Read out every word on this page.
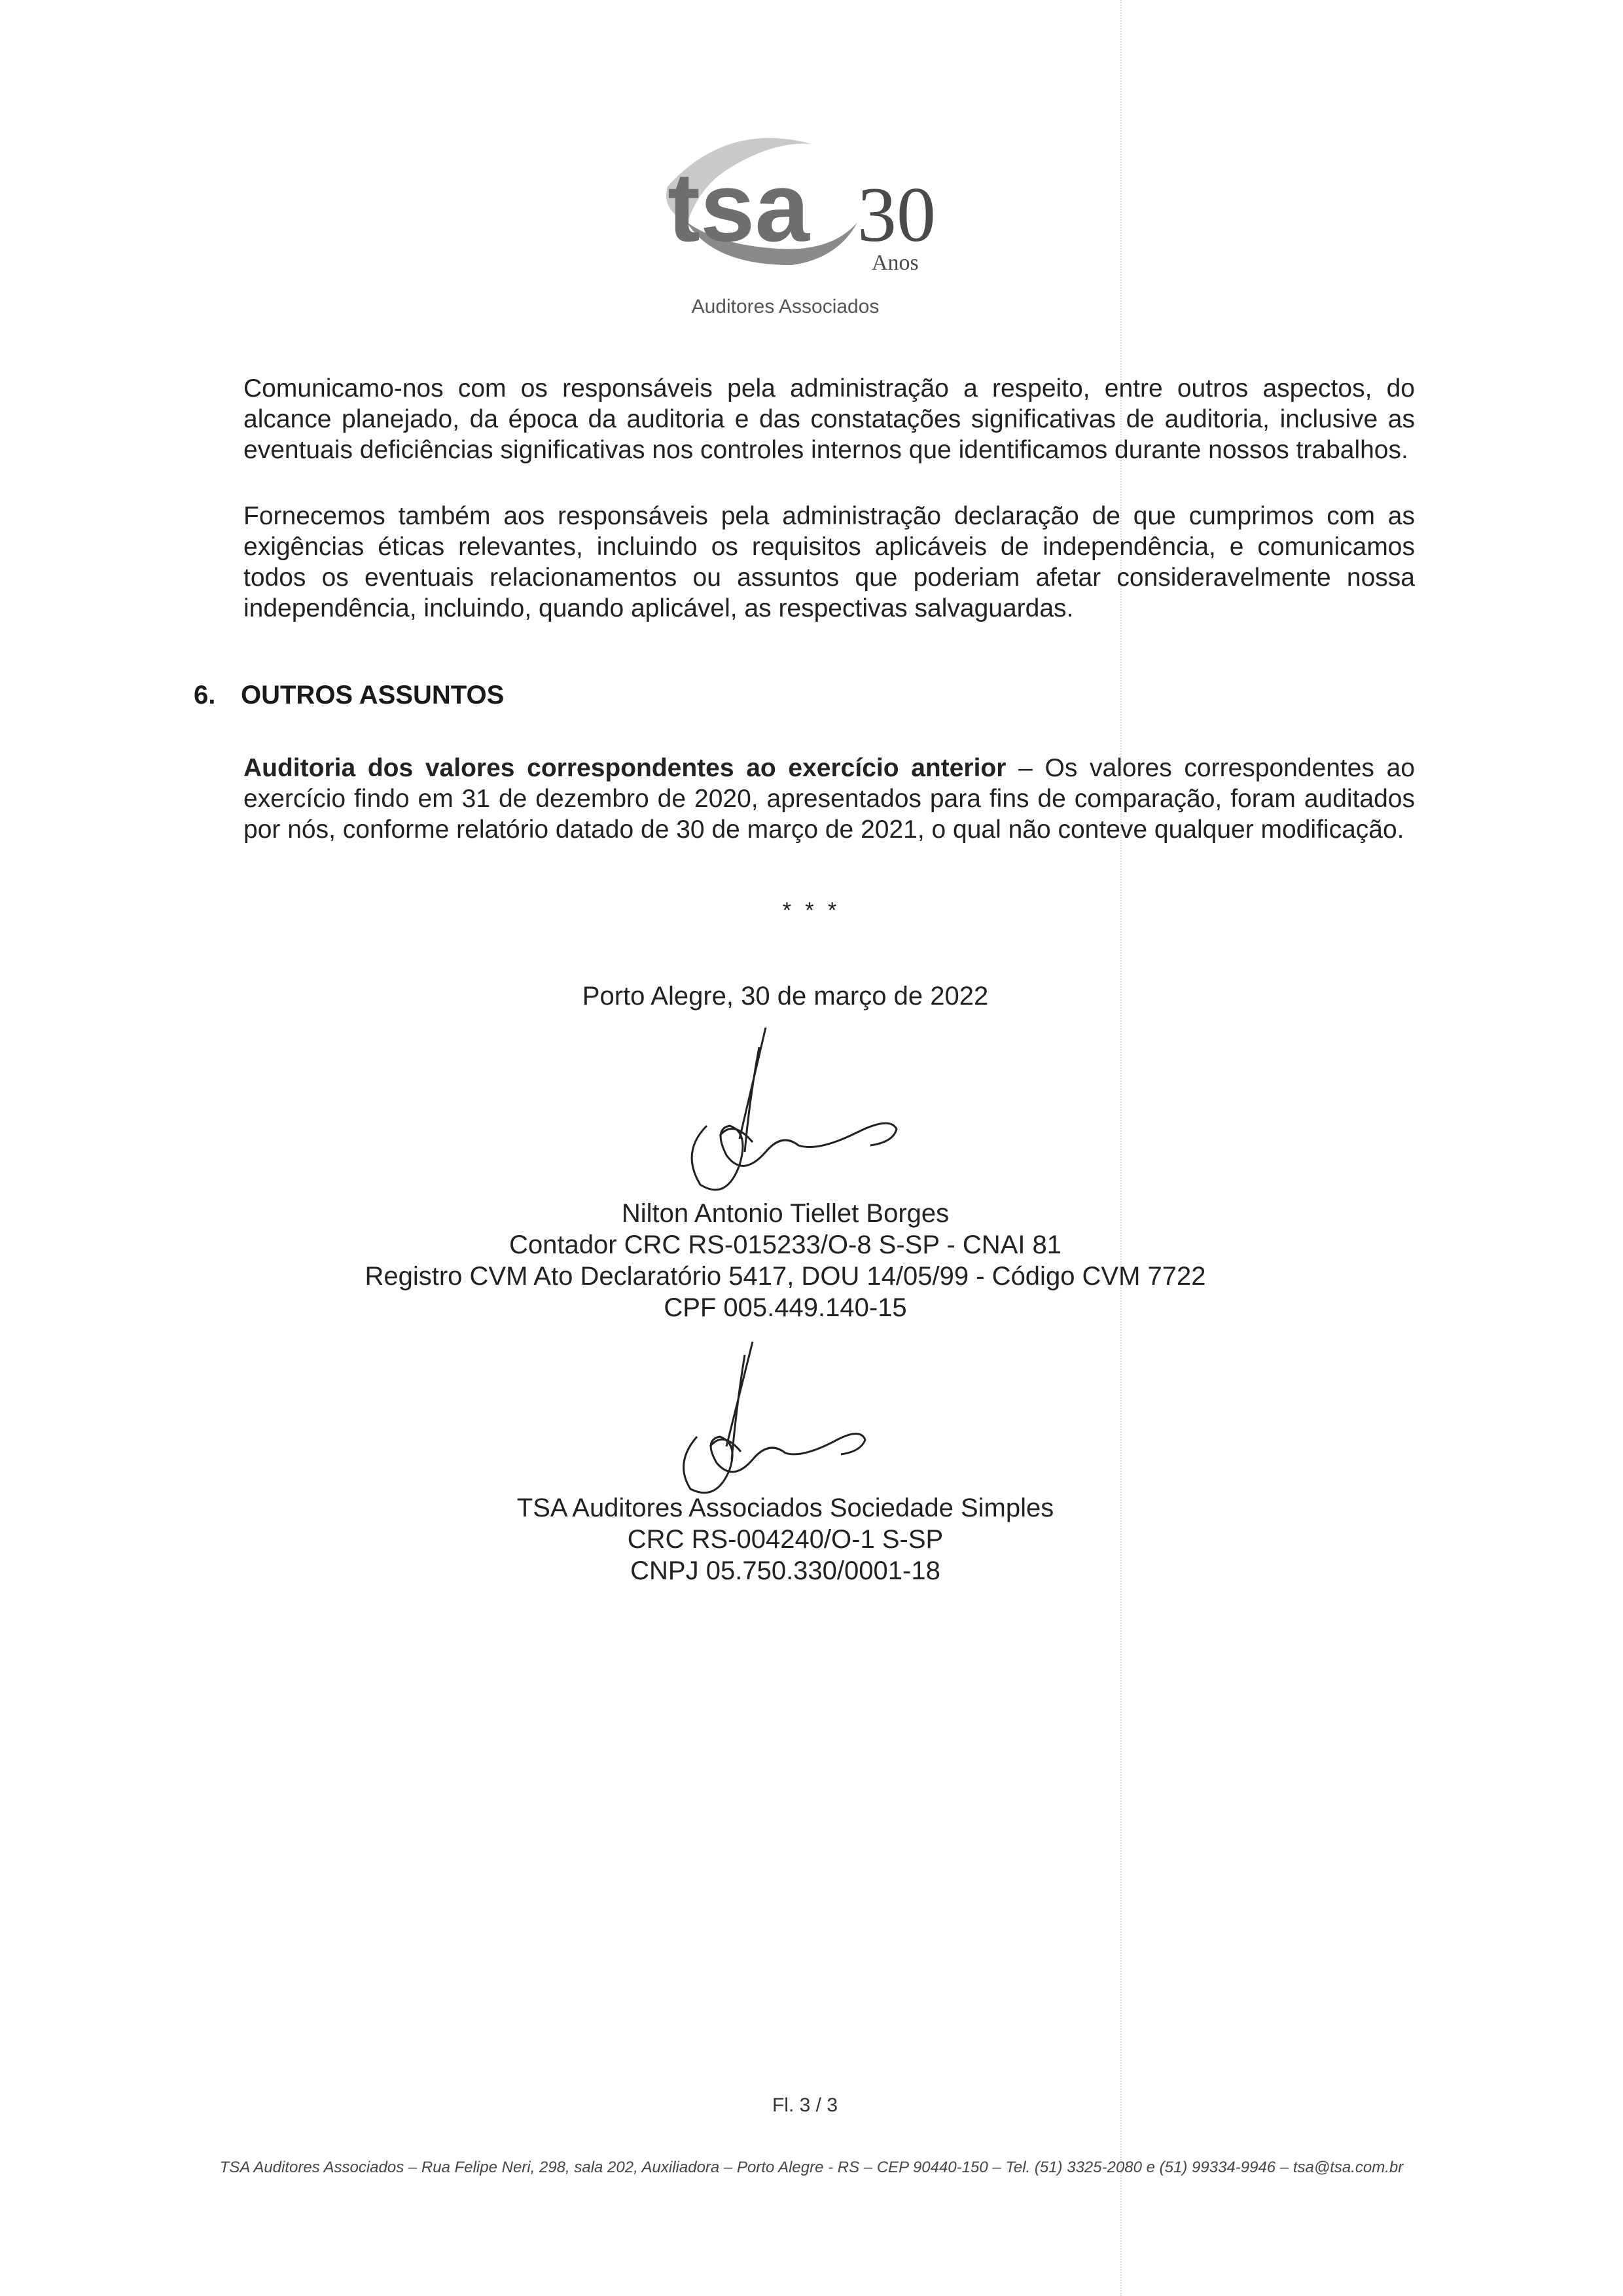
tsa 30
Anos
Auditores Associados
Comunicamo-nos com os responsáveis pela administração a respeito, entre outros aspectos, do alcance planejado, da época da auditoria e das constatações significativas de auditoria, inclusive as eventuais deficiências significativas nos controles internos que identificamos durante nossos trabalhos.
Fornecemos também aos responsáveis pela administração declaração de que cumprimos com as exigências éticas relevantes, incluindo os requisitos aplicáveis de independência, e comunicamos todos os eventuais relacionamentos ou assuntos que poderiam afetar consideravelmente nossa independência, incluindo, quando aplicável, as respectivas salvaguardas.
6. OUTROS ASSUNTOS
Auditoria dos valores correspondentes ao exercício anterior – Os valores correspondentes ao exercício findo em 31 de dezembro de 2020, apresentados para fins de comparação, foram auditados por nós, conforme relatório datado de 30 de março de 2021, o qual não conteve qualquer modificação.
* * *
Porto Alegre, 30 de março de 2022
Nilton Antonio Tiellet Borges
Contador CRC RS-015233/O-8 S-SP - CNAI 81
Registro CVM Ato Declaratório 5417, DOU 14/05/99 - Código CVM 7722
CPF 005.449.140-15
TSA Auditores Associados Sociedade Simples
CRC RS-004240/O-1 S-SP
CNPJ 05.750.330/0001-18
Fl. 3 / 3
TSA Auditores Associados – Rua Felipe Neri, 298, sala 202, Auxiliadora – Porto Alegre - RS – CEP 90440-150 – Tel. (51) 3325-2080 e (51) 99334-9946 – tsa@tsa.com.br
